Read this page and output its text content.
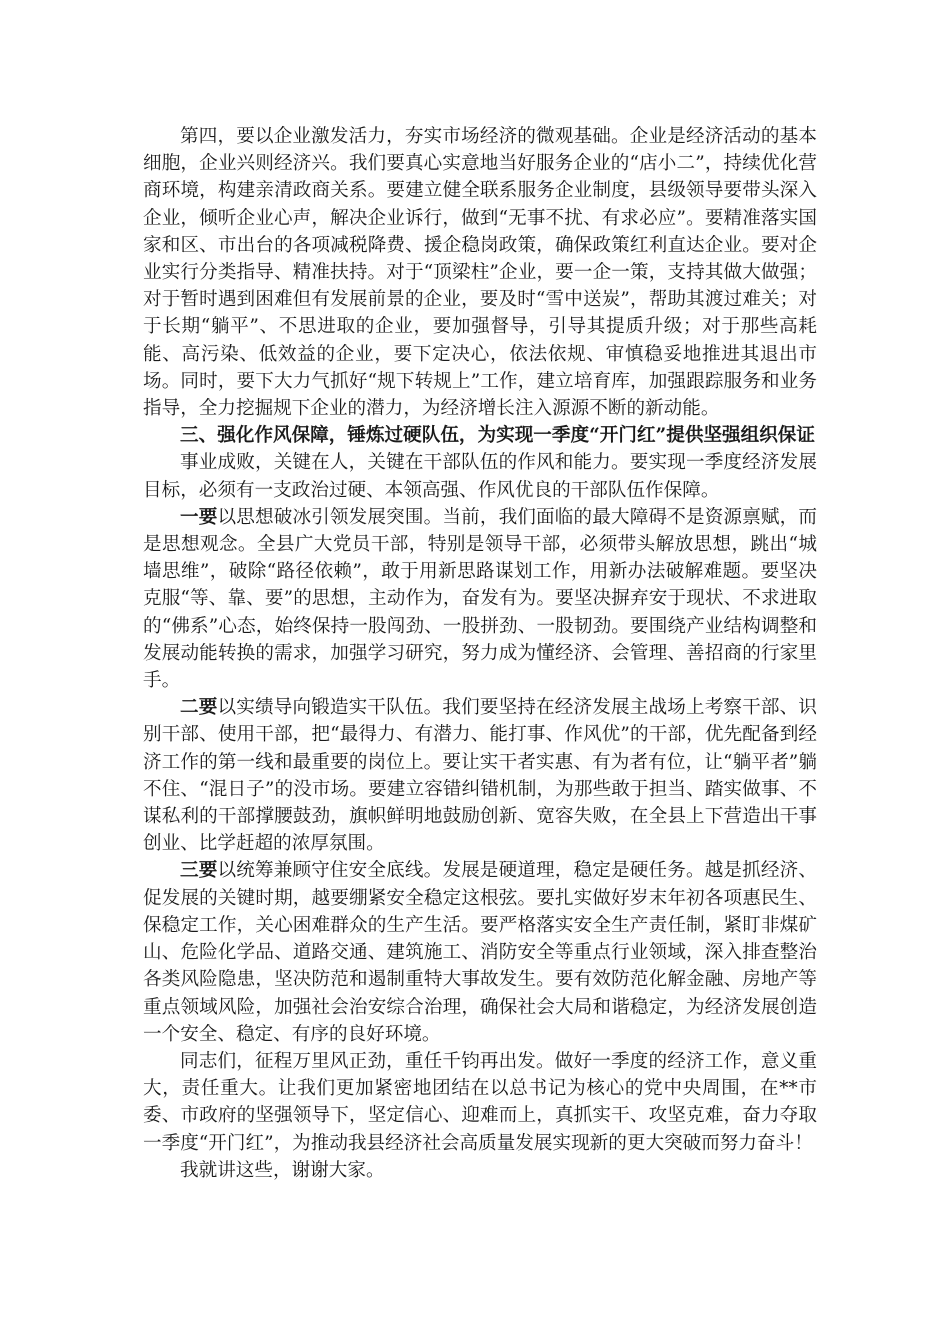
第四，要以企业激发活力，夯实市场经济的微观基础。企业是经济活动的基本细胞，企业兴则经济兴。我们要真心实意地当好服务企业的“店小二”，持续优化营商环境，构建亲清政商关系。要建立健全联系服务企业制度，县级领导要带头深入企业，倾听企业心声，解决企业诉行，做到“无事不扰、有求必应”。要精准落实国家和区、市出台的各项减税降费、援企稳岗政策，确保政策红利直达企业。要对企业实行分类指导、精准扶持。对于“顶梁柱”企业，要一企一策，支持其做大做强；对于暂时遇到困难但有发展前景的企业，要及时“雪中送炭”，帮助其渡过难关；对于长期“躺平”、不思进取的企业，要加强督导，引导其提质升级；对于那些高耗能、高污染、低效益的企业，要下定决心，依法依规、审慎稳妥地推进其退出市场。同时，要下大力气抓好“规下转规上”工作，建立培育库，加强跟踪服务和业务指导，全力挖掘规下企业的潜力，为经济增长注入源源不断的新动能。

三、强化作风保障，锤炼过硬队伍，为实现一季度“开门红”提供坚强组织保证

事业成败，关键在人，关键在干部队伍的作风和能力。要实现一季度经济发展目标，必须有一支政治过硬、本领高强、作风优良的干部队伍作保障。

一要以思想破冰引领发展突围。当前，我们面临的最大障碍不是资源禀赋，而是思想观念。全县广大党员干部，特别是领导干部，必须带头解放思想，跳出“城墙思维”，破除“路径依赖”，敢于用新思路谋划工作，用新办法破解难题。要坚决克服“等、靠、要”的思想，主动作为，奋发有为。要坚决摒弃安于现状、不求进取的“佛系”心态，始终保持一股闯劲、一股拼劲、一股韧劲。要围绕产业结构调整和发展动能转换的需求，加强学习研究，努力成为懂经济、会管理、善招商的行家里手。

二要以实绩导向锻造实干队伍。我们要坚持在经济发展主战场上考察干部、识别干部、使用干部，把“最得力、有潜力、能打事、作风优”的干部，优先配备到经济工作的第一线和最重要的岗位上。要让实干者实惠、有为者有位，让“躺平者”躺不住、“混日子”的没市场。要建立容错纠错机制，为那些敢于担当、踏实做事、不谋私利的干部撑腰鼓劲，旗帜鲜明地鼓励创新、宽容失败，在全县上下营造出干事创业、比学赶超的浓厚氛围。

三要以统筹兼顾守住安全底线。发展是硬道理，稳定是硬任务。越是抓经济、促发展的关键时期，越要绷紧安全稳定这根弦。要扎实做好岁末年初各项惠民生、保稳定工作，关心困难群众的生产生活。要严格落实安全生产责任制，紧盯非煤矿山、危险化学品、道路交通、建筑施工、消防安全等重点行业领域，深入排查整治各类风险隐患，坚决防范和遏制重特大事故发生。要有效防范化解金融、房地产等重点领域风险，加强社会治安综合治理，确保社会大局和谐稳定，为经济发展创造一个安全、稳定、有序的良好环境。

同志们，征程万里风正劲，重任千钧再出发。做好一季度的经济工作，意义重大，责任重大。让我们更加紧密地团结在以总书记为核心的党中央周围，在**市委、市政府的坚强领导下，坚定信心、迎难而上，真抓实干、攻坚克难，奋力夺取一季度“开门红”，为推动我县经济社会高质量发展实现新的更大突破而努力奋斗！

我就讲这些，谢谢大家。
